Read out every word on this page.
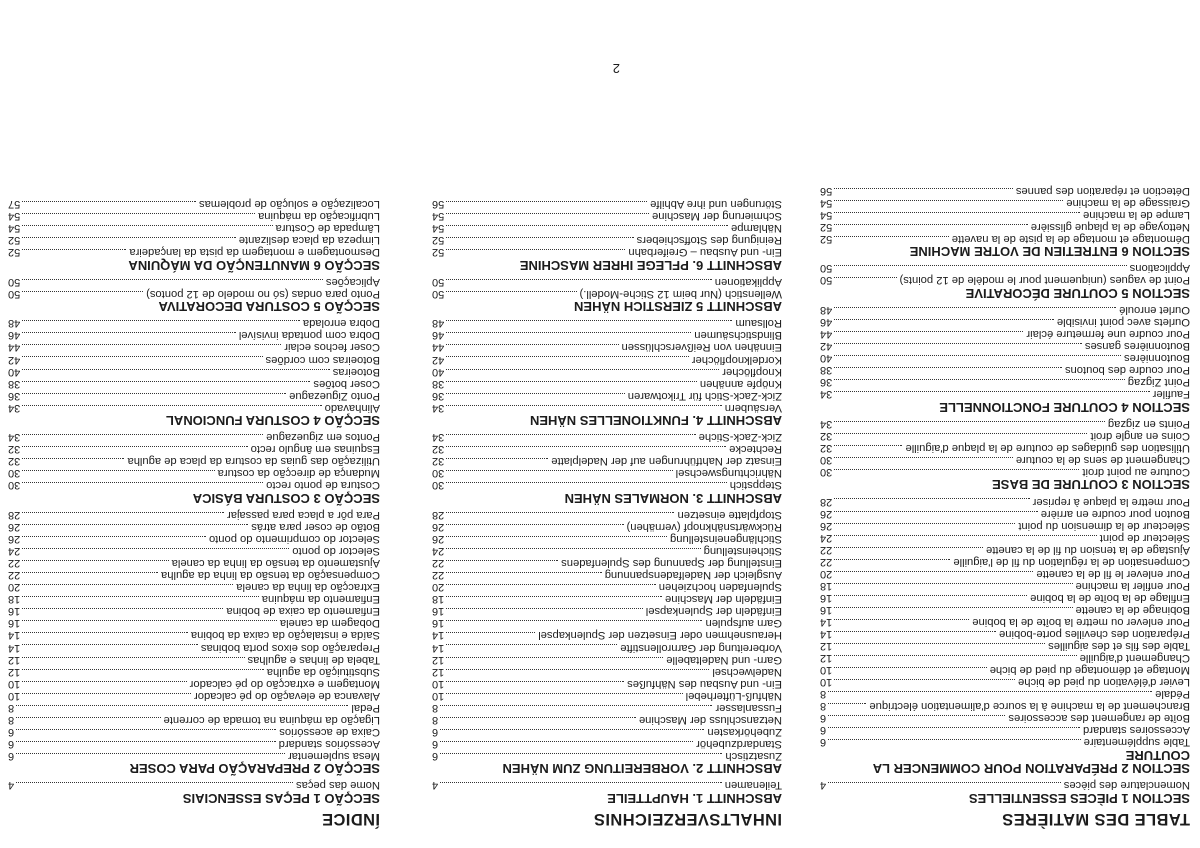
TABLE DES MATIÈRES
SECTION 1 PIÈCES ESSENTIELLES
Nomenclature des pièces
4
SECTION 2 PRÉPARATION POUR COMMENCER LA COUTURE
Table supplémentaire
6
Accessoires standard
6
Boîte de rangement des accessoires
6
Branchement de la machine à la source d'alimentation électrique
8
Pédale
8
Levier d'élévation du pied de biche
10
Montage et démontage du pied de biche
10
Changement d'aiguille
12
Table des fils et des aiguilles
12
Préparation des chevilles porte-bobine
14
Pour enlever ou mettre la boîte de la bobine
14
Bobinage de la canette
16
Enfilage de la boîte de la bobine
16
Pour enfiler la machine
18
Pour enlever le fil de la canette
20
Compensation de la régulation du fil de l'aiguille
22
Ajustage de la tension du fil de la canette
22
Sélecteur de point
24
Sélecteur de la dimension du point
26
Bouton pour coudre en arrière
26
Pour mettre la plaque à repriser
28
SECTION 3 COUTURE DE BASE
Couture au point droit
30
Changement de sens de la couture
30
Utilisation des guidages de couture de la plaque d'aiguille
32
Coins en angle droit
32
Points en zigzag
34
SECTION 4 COUTURE FONCTIONNELLE
Faufiler
34
Point Zigzag
36
Pour coudre des boutons
38
Boutonnières
40
Boutonnières ganses
42
Pour coudre une fermeture éclair
44
Ourlets avec point invisible
46
Ourlet enroulé
48
SECTION 5 COUTURE DÉCORATIVE
Point de vagues (uniquement pour le modèle de 12 points)
50
Applications
50
SECTION 6 ENTRETIEN DE VOTRE MACHINE
Démontage et montage de la piste de la navette
52
Nettoyage de la plaque glissière
52
Lampe de la machine
54
Graissage de la machine
54
Détection et réparation des pannes
56
INHALTSVERZEICHNIS
ABSCHNITT 1. HAUPTTEILE
Teilenamen
4
ABSCHNITT 2. VORBEREITUNG ZUM NÄHEN
Zusatztisch
6
Standardzubehör
6
Zubehörkasten
6
Netzanschluss der Maschine
8
Fussanlasser
8
Nähfuß-Lüfterhebel
10
Ein- und Ausbau des Nähfußes
10
Nadelwechsel
12
Garn- und Nadeltabelle
12
Vorbereitung der Garnrollenstifte
14
Herausnehmen oder Einsetzen der Spulenkapsel
14
Garn aufspulen
16
Einfädeln der Spulenkapsel
16
Einfädeln der Maschine
18
Spulenfaden hochziehen
20
Ausgleich der Nadelfadenspannung
22
Einstellung der Spannung des Spulenfadens
22
Sticheinstellung
24
Stichlängeneinstellung
26
Rückwärtsnähknopf (vernähen)
26
Stopfplatte einsetzen
28
ABSCHNITT 3. NORMALES NÄHEN
Steppstich
30
Nährichtungswechsel
30
Einsatz der Nahtführungen auf der Nadelplatte
32
Rechtecke
32
Zick-Zack-Stiche
34
ABSCHNITT 4. FUNKTIONELLES NÄHEN
Versäubern
34
Zick-Zack-Stich für Trikotwaren
36
Knöpfe annähen
38
Knopflöcher
40
Kordelknopflöcher
42
Einnähen von Reißverschlüssen
44
Blindstichsäumen
46
Rollsaum
48
ABSCHNITT 5 ZIERSTICH NÄHEN
Wellenstich (Nur beim 12 Stiche-Modell.)
50
Applikationen
50
ABSCHNITT 6. PFLEGE IHRER MASCHINE
Ein- und Ausbau – Greiferbahn
52
Reinigung des Stoffschiebers
52
Nählampe
54
Schmierung der Maschine
54
Störungen und ihre Abhilfe
56
ÍNDICE
SECÇÃO 1 PEÇAS ESSENCIAIS
Nome das peças
4
SECÇÃO 2 PREPARAÇÃO PARA COSER
Mesa suplementar
6
Acessórios standard
6
Caixa de acessórios
6
Ligação da máquina na tomada de corrente
8
Pedal
8
Alavanca de elevação do pé calcador
10
Montagem e extracção do pé calcador
10
Substituição da agulha
12
Tabela de linhas e agulhas
12
Preparação dos eixos porta bobinas
14
Saída e instalação da caixa da bobina
14
Dobagem da canela
16
Enfiamento da caixa de bobina
16
Enfiamento da máquina
18
Extracção da linha da canela
20
Compensação da tensão da linha da agulha
22
Ajustamento da tensão da linha da canela
22
Selector do ponto
24
Selector do comprimento do ponto
26
Botão de coser para atrás
26
Para pôr a placa para passajar
28
SECÇÃO 3 COSTURA BÁSICA
Costura de ponto recto
30
Mudança de direcção da costura
30
Utilização das guias da costura da placa de agulha
32
Esquinas em ângulo recto
32
Pontos em ziguezague
34
SECÇÃO 4 COSTURA FUNCIONAL
Alinhavado
34
Ponto Ziguezague
36
Coser botões
38
Botoeiras
40
Botoeiras com cordões
42
Coser fechos eclair
44
Dobra com pontada invisível
46
Dobra enrolada
48
SECÇÃO 5 COSTURA DECORATIVA
Ponto para ondas (só no modelo de 12 pontos)
50
Aplicações
50
SECÇÃO 6 MANUTENÇÃO DA MÁQUINA
Desmontagem e montagem da pista da lançadeira
52
Limpeza da placa deslizante
52
Lâmpada de Costura
54
Lubrificação da máquina
54
Localização e solução de problemas
57
2
